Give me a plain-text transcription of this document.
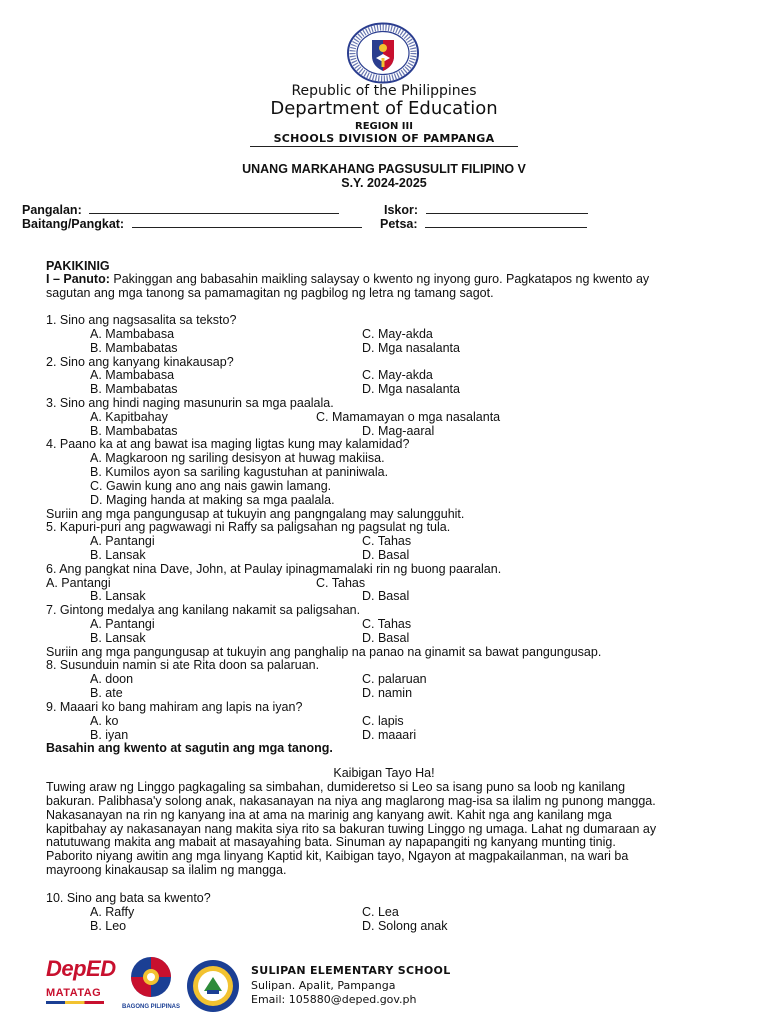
Republic of the Philippines
Department of Education
REGION III
SCHOOLS DIVISION OF PAMPANGA
UNANG MARKAHANG PAGSUSULIT FILIPINO V
S.Y. 2024-2025
Pangalan:	Iskor:
Baitang/Pangkat:	Petsa:
PAKIKINIG
I – Panuto: Pakinggan ang babasahin maikling salaysay o kwento ng inyong guro. Pagkatapos ng kwento ay
sagutan ang mga tanong sa pamamagitan ng pagbilog ng letra ng tamang sagot.
1. Sino ang nagsasalita sa teksto?
A. Mambabasa	C. May-akda
B. Mambabatas	D. Mga nasalanta
2. Sino ang kanyang kinakausap?
A. Mambabasa	C. May-akda
B. Mambabatas	D. Mga nasalanta
3. Sino ang hindi naging masunurin sa mga paalala.
A. Kapitbahay	C. Mamamayan o mga nasalanta
B. Mambabatas	D. Mag-aaral
4. Paano ka at ang bawat isa maging ligtas kung may kalamidad?
A. Magkaroon ng sariling desisyon at huwag makiisa.
B. Kumilos ayon sa sariling kagustuhan at paniniwala.
C. Gawin kung ano ang nais gawin lamang.
D. Maging handa at making sa mga paalala.
Suriin ang mga pangungusap at tukuyin ang pangngalang may salungguhit.
5. Kapuri-puri ang pagwawagi ni Raffy sa paligsahan ng pagsulat ng tula.
A. Pantangi	C. Tahas
B. Lansak	D. Basal
6. Ang pangkat nina Dave, John, at Paulay ipinagmamalaki rin ng buong paaralan.
A. Pantangi	C. Tahas
B. Lansak	D. Basal
7. Gintong medalya ang kanilang nakamit sa paligsahan.
A. Pantangi	C. Tahas
B. Lansak	D. Basal
Suriin ang mga pangungusap at tukuyin ang panghalip na panao na ginamit sa bawat pangungusap.
8. Susunduin namin si ate Rita doon sa palaruan.
A. doon	C. palaruan
B. ate	D. namin
9. Maaari ko bang mahiram ang lapis na iyan?
A. ko	C. lapis
B. iyan	D. maaari
Basahin ang kwento at sagutin ang mga tanong.
Kaibigan Tayo Ha!
Tuwing araw ng Linggo pagkagaling sa simbahan, dumideretso si Leo sa isang puno sa loob ng kanilang
bakuran. Palibhasa'y solong anak, nakasanayan na niya ang maglarong mag-isa sa ilalim ng punong mangga.
Nakasanayan na rin ng kanyang ina at ama na marinig ang kanyang awit. Kahit nga ang kanilang mga
kapitbahay ay nakasanayan nang makita siya rito sa bakuran tuwing Linggo ng umaga. Lahat ng dumaraan ay
natutuwang makita ang mabait at masayahing bata. Sinuman ay napapangiti ng kanyang munting tinig.
Paborito niyang awitin ang mga linyang Kaptid kit, Kaibigan tayo, Ngayon at magpakailanman, na wari ba
mayroong kinakausap sa ilalim ng mangga.
10. Sino ang bata sa kwento?
A. Raffy	C. Lea
B. Leo	D. Solong anak
DepED
MATATAG
BAGONG PILIPINAS
SULIPAN ELEMENTARY SCHOOL
Sulipan. Apalit, Pampanga
Email: 105880@deped.gov.ph
